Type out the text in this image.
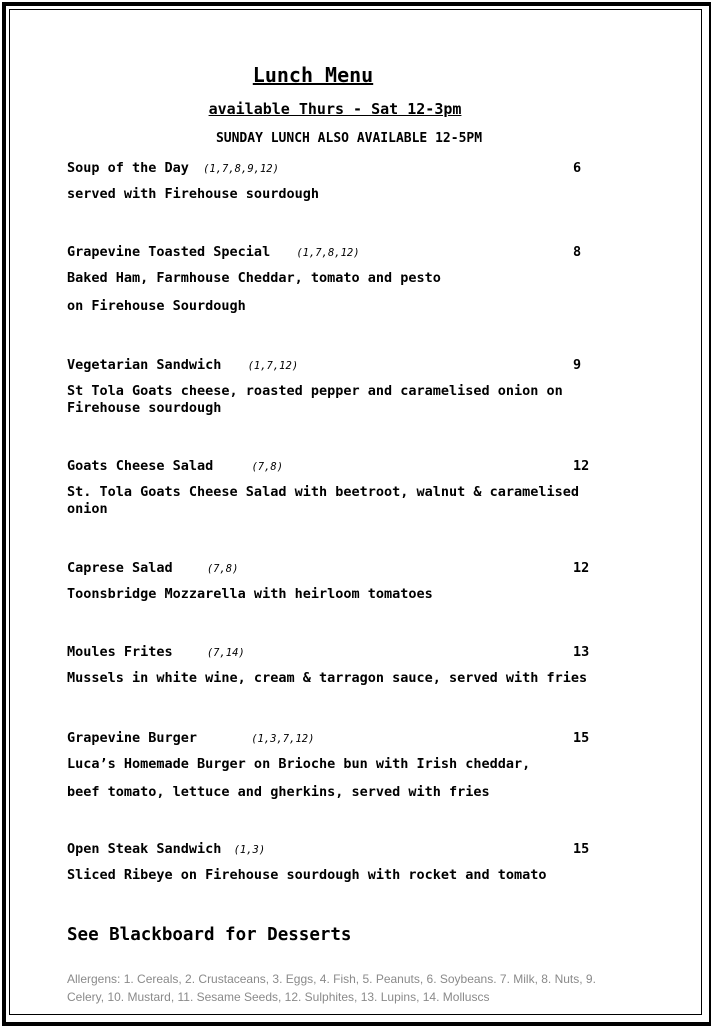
Lunch Menu
available Thurs - Sat 12-3pm
SUNDAY LUNCH ALSO AVAILABLE 12-5PM
Soup of the Day (1,7,8,9,12)	6
served with Firehouse sourdough
Grapevine Toasted Special (1,7,8,12)	8
Baked Ham, Farmhouse Cheddar, tomato and pesto
on Firehouse Sourdough
Vegetarian Sandwich (1,7,12)	9
St Tola Goats cheese, roasted pepper and caramelised onion on Firehouse sourdough
Goats Cheese Salad	(7,8)	12
St. Tola Goats Cheese Salad with beetroot, walnut & caramelised onion
Caprese Salad	(7,8)	12
Toonsbridge Mozzarella with heirloom tomatoes
Moules Frites	(7,14)	13
Mussels in white wine, cream & tarragon sauce, served with fries
Grapevine Burger	(1,3,7,12)	15
Luca’s Homemade Burger on Brioche bun with Irish cheddar,
beef tomato, lettuce and gherkins, served with fries
Open Steak Sandwich (1,3)	15
Sliced Ribeye on Firehouse sourdough with rocket and tomato
See Blackboard for Desserts
Allergens: 1. Cereals, 2. Crustaceans, 3. Eggs, 4. Fish, 5. Peanuts, 6. Soybeans. 7. Milk, 8. Nuts, 9. Celery, 10. Mustard, 11. Sesame Seeds, 12. Sulphites, 13. Lupins, 14. Molluscs
